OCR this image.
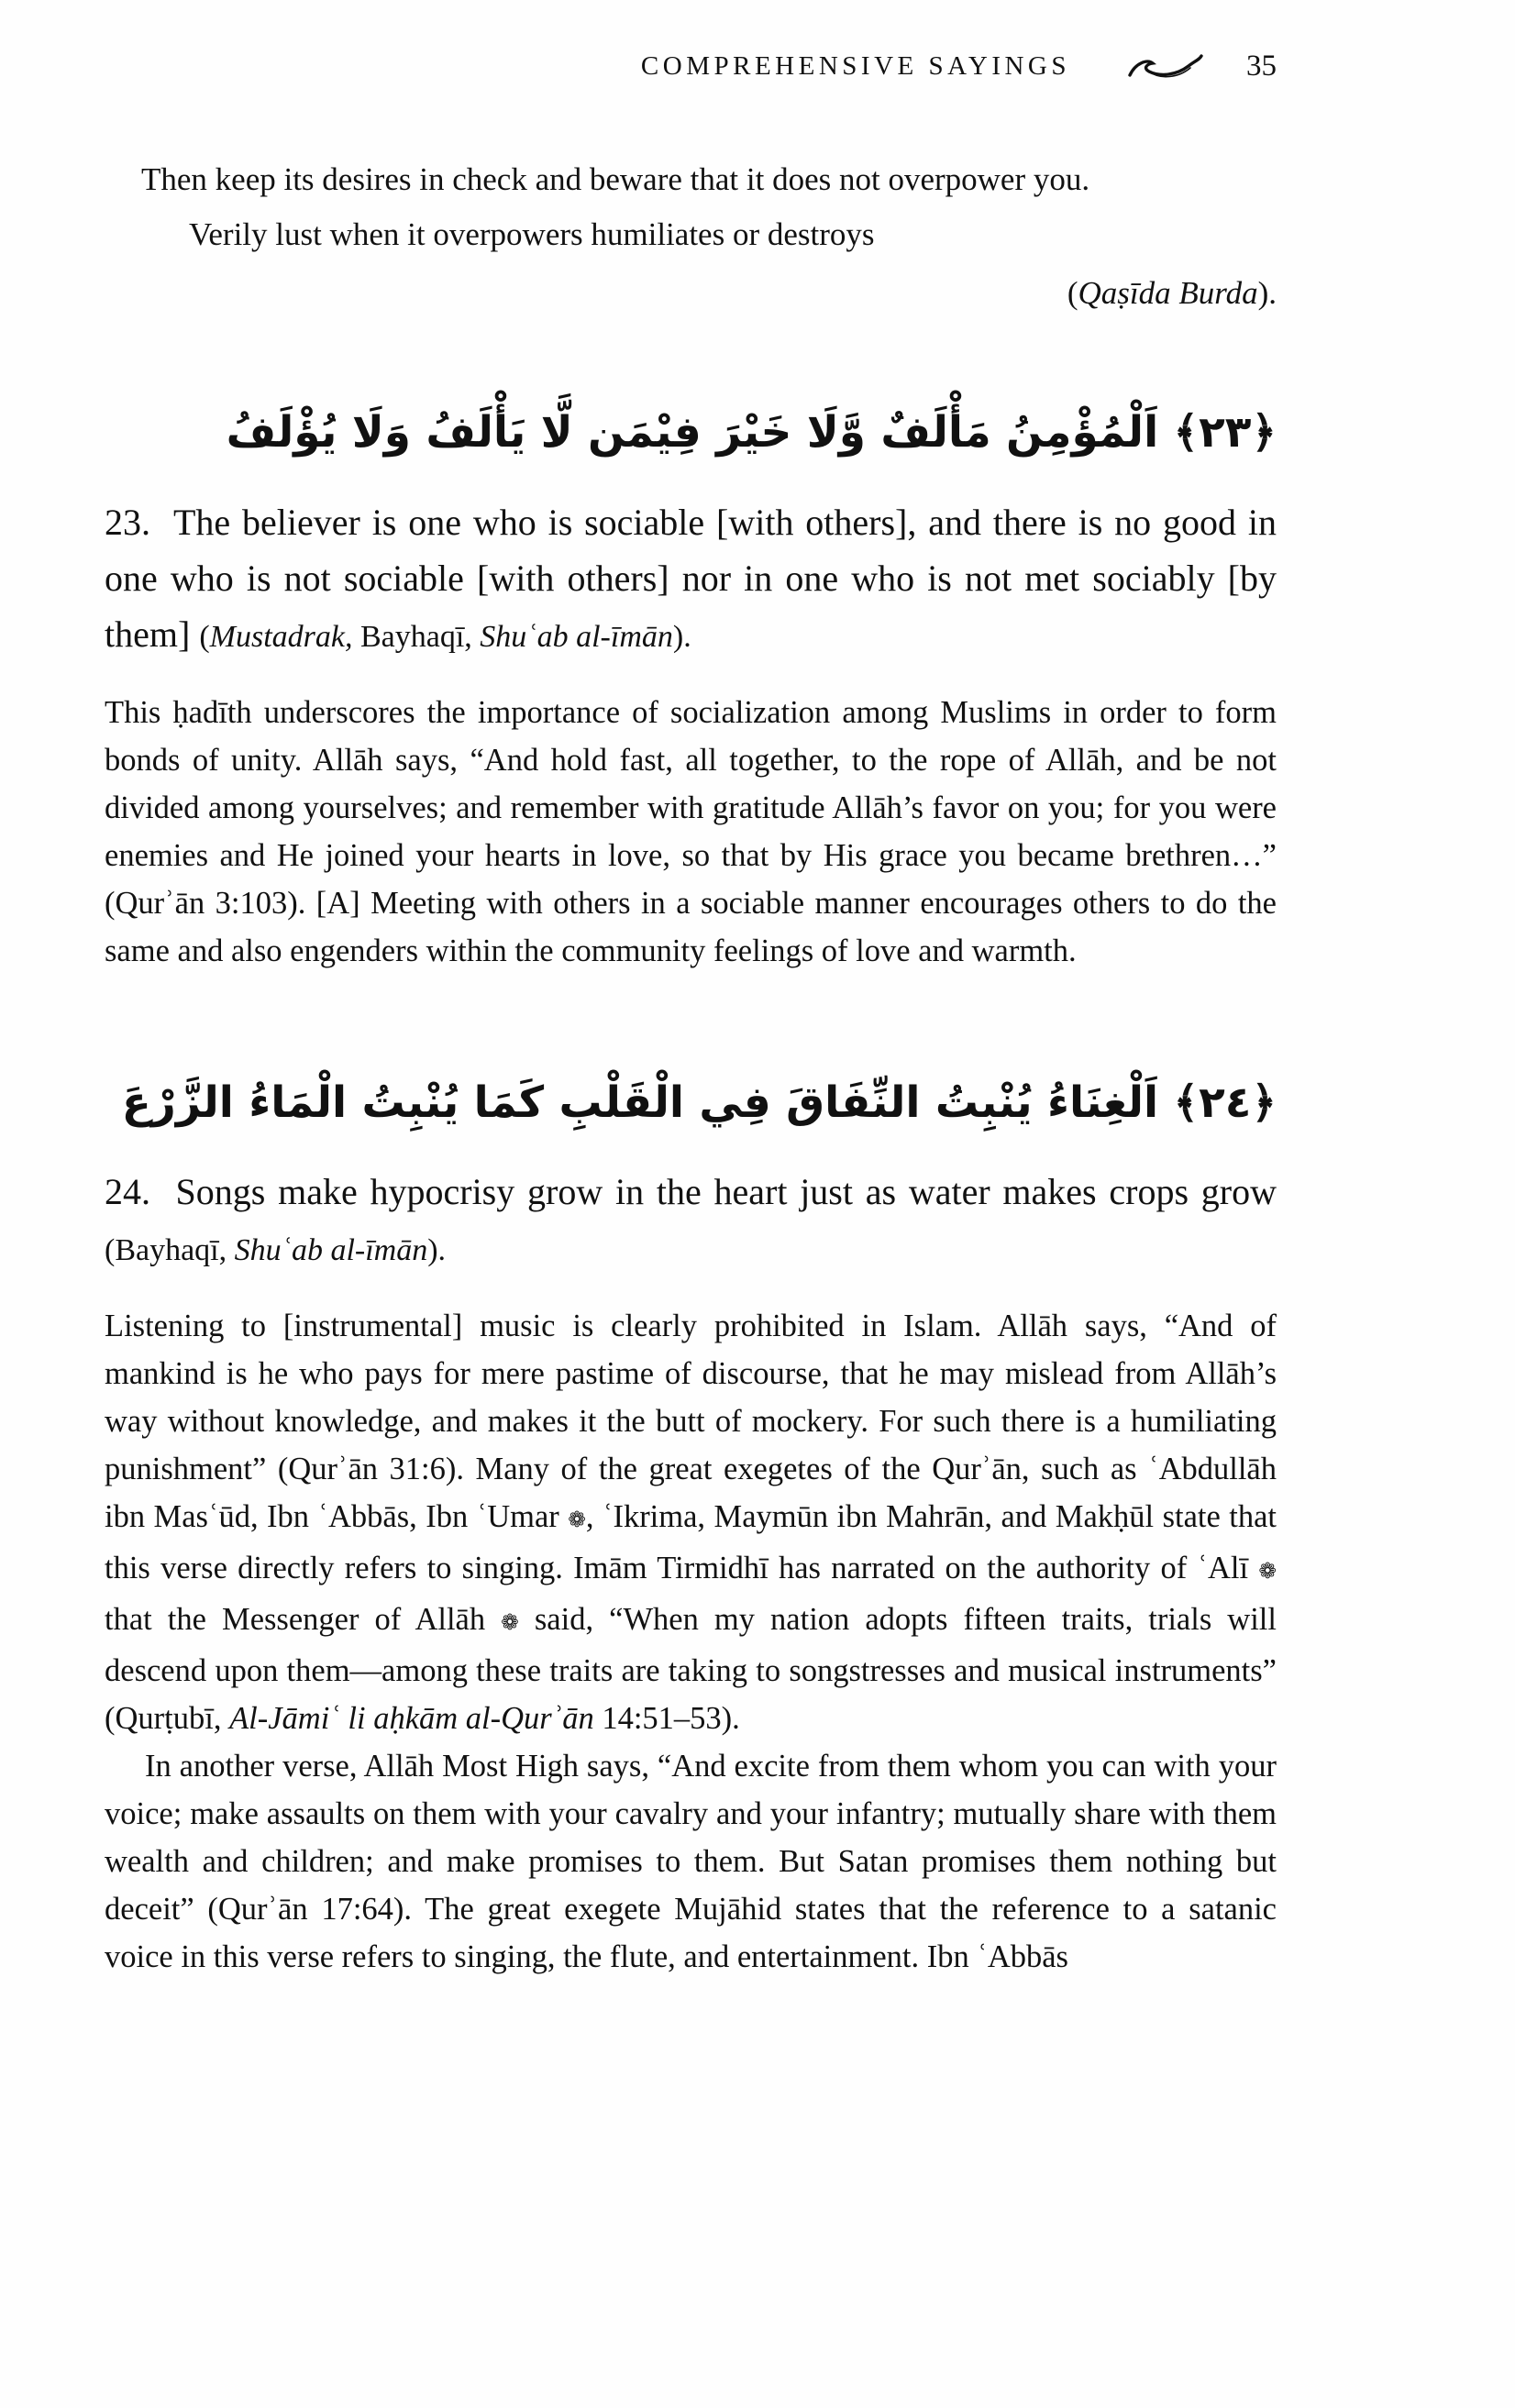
COMPREHENSIVE SAYINGS	35
Then keep its desires in check and beware that it does not overpower you.
Verily lust when it overpowers humiliates or destroys
(Qaṣīda Burda).
﴿٢٣﴾ اَلْمُؤْمِنُ مَأْلَفٌ وَّلَا خَيْرَ فِيْمَن لَّا يَأْلَفُ وَلَا يُؤْلَفُ
23.  The believer is one who is sociable [with others], and there is no good in one who is not sociable [with others] nor in one who is not met sociably [by them] (Mustadrak, Bayhaqī, Shuʿab al-īmān).

This ḥadīth underscores the importance of socialization among Muslims in order to form bonds of unity. Allāh says, “And hold fast, all together, to the rope of Allāh, and be not divided among yourselves; and remember with gratitude Allāh’s favor on you; for you were enemies and He joined your hearts in love, so that by His grace you became brethren…” (Qurʾān 3:103). [A] Meeting with others in a sociable manner encourages others to do the same and also engenders within the community feelings of love and warmth.

﴿٢٤﴾ اَلْغِنَاءُ يُنْبِتُ النِّفَاقَ فِي الْقَلْبِ كَمَا يُنْبِتُ الْمَاءُ الزَّرْعَ
24.  Songs make hypocrisy grow in the heart just as water makes crops grow (Bayhaqī, Shuʿab al-īmān).

Listening to [instrumental] music is clearly prohibited in Islam. Allāh says, “And of mankind is he who pays for mere pastime of discourse, that he may mislead from Allāh’s way without knowledge, and makes it the butt of mockery. For such there is a humiliating punishment” (Qurʾān 31:6). Many of the great exegetes of the Qurʾān, such as ʿAbdullāh ibn Masʿūd, Ibn ʿAbbās, Ibn ʿUmar ❁, ʿIkrima, Maymūn ibn Mahrān, and Makḥūl state that this verse directly refers to singing. Imām Tirmidhī has narrated on the authority of ʿAlī ❁ that the Messenger of Allāh ❁ said, “When my nation adopts fifteen traits, trials will descend upon them—among these traits are taking to songstresses and musical instruments” (Qurṭubī, Al-Jāmiʿ li aḥkām al-Qurʾān 14:51–53).

In another verse, Allāh Most High says, “And excite from them whom you can with your voice; make assaults on them with your cavalry and your infantry; mutually share with them wealth and children; and make promises to them. But Satan promises them nothing but deceit” (Qurʾān 17:64). The great exegete Mujāhid states that the reference to a satanic voice in this verse refers to singing, the flute, and entertainment. Ibn ʿAbbās
